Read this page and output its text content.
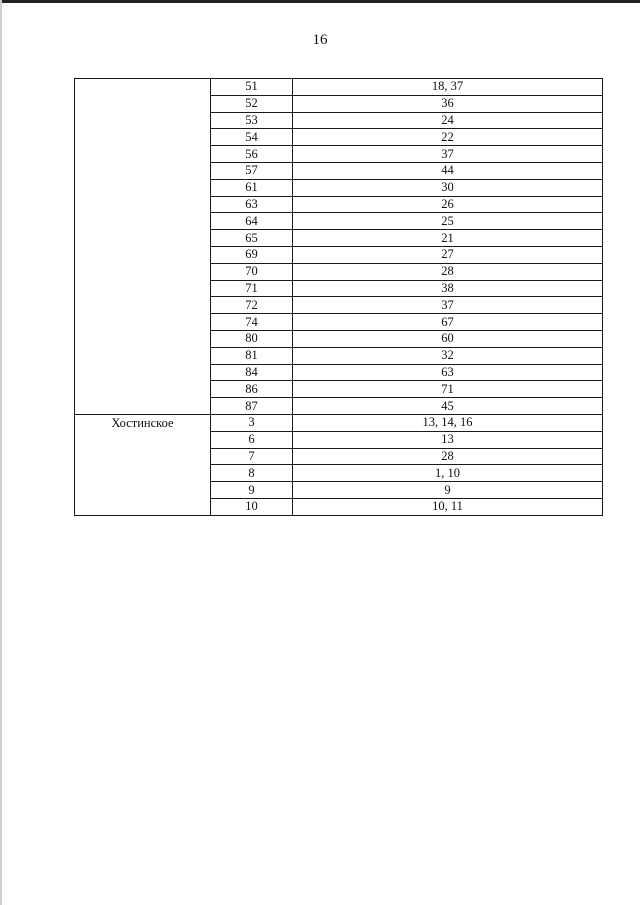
16
	51	18, 37
	52	36
	53	24
	54	22
	56	37
	57	44
	61	30
	63	26
	64	25
	65	21
	69	27
	70	28
	71	38
	72	37
	74	67
	80	60
	81	32
	84	63
	86	71
	87	45
Хостинское	3	13, 14, 16
	6	13
	7	28
	8	1, 10
	9	9
	10	10, 11
